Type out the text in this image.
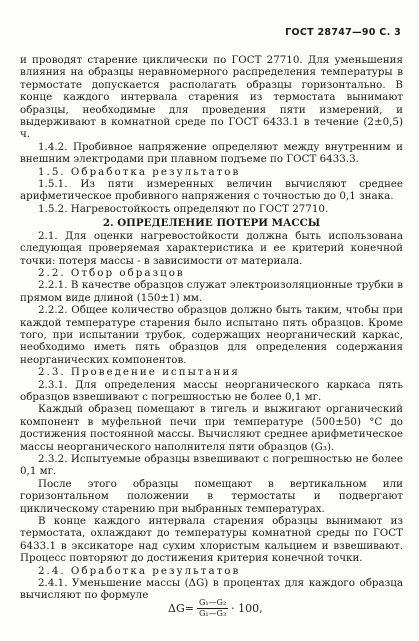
ГОСТ 28747—90 С. 3

и проводят старение циклически по ГОСТ 27710. Для уменьшения влияния на образцы неравномерного распределения температуры в термостате допускается располагать образцы горизонтально. В конце каждого интервала старения из термостата вынимают образцы, необходимые для проведения пяти измерений, и выдерживают в комнатной среде по ГОСТ 6433.1 в течение (2±0,5) ч.

1.4.2. Пробивное напряжение определяют между внутренним и внешним электродами при плавном подъеме по ГОСТ 6433.3.

1.5. Обработка результатов

1.5.1. Из пяти измеренных величин вычисляют среднее арифметическое пробивного напряжения с точностью до 0,1 знака.

1.5.2. Нагревостойкость определяют по ГОСТ 27710.

2. ОПРЕДЕЛЕНИЕ ПОТЕРИ МАССЫ

2.1. Для оценки нагревостойкости должна быть использована следующая проверяемая характеристика и ее критерий конечной точки: потеря массы - в зависимости от материала.

2.2. Отбор образцов

2.2.1. В качестве образцов служат электроизоляционные трубки в прямом виде длиной (150±1) мм.

2.2.2. Общее количество образцов должно быть таким, чтобы при каждой температуре старения было испытано пять образцов. Кроме того, при испытании трубок, содержащих неорганический каркас, необходимо иметь пять образцов для определения содержания неорганических компонентов.

2.3. Проведение испытания

2.3.1. Для определения массы неорганического каркаса пять образцов взвешивают с погрешностью не более 0,1 мг.

Каждый образец помещают в тигель и выжигают органический компонент в муфельной печи при температуре (500±50) °С до достижения постоянной массы. Вычисляют среднее арифметическое массы неорганического наполнителя пяти образцов (G₃).

2.3.2. Испытуемые образцы взвешивают с погрешностью не более 0,1 мг.

После этого образцы помещают в вертикальном или горизонтальном положении в термостаты и подвергают циклическому старению при выбранных температурах.

В конце каждого интервала старения образцы вынимают из термостата, охлаждают до температуры комнатной среды по ГОСТ 6433.1 в эксикаторе над сухим хлористым кальцием и взвешивают. Процесс повторяют до достижения критерия конечной точки.

2.4. Обработка результатов

2.4.1. Уменьшение массы (ΔG) в процентах для каждого образца вычисляют по формуле

$\Delta G= \frac{\text{G₁—G₂}}{\text{G₁—G₃}} \cdot 100$,
